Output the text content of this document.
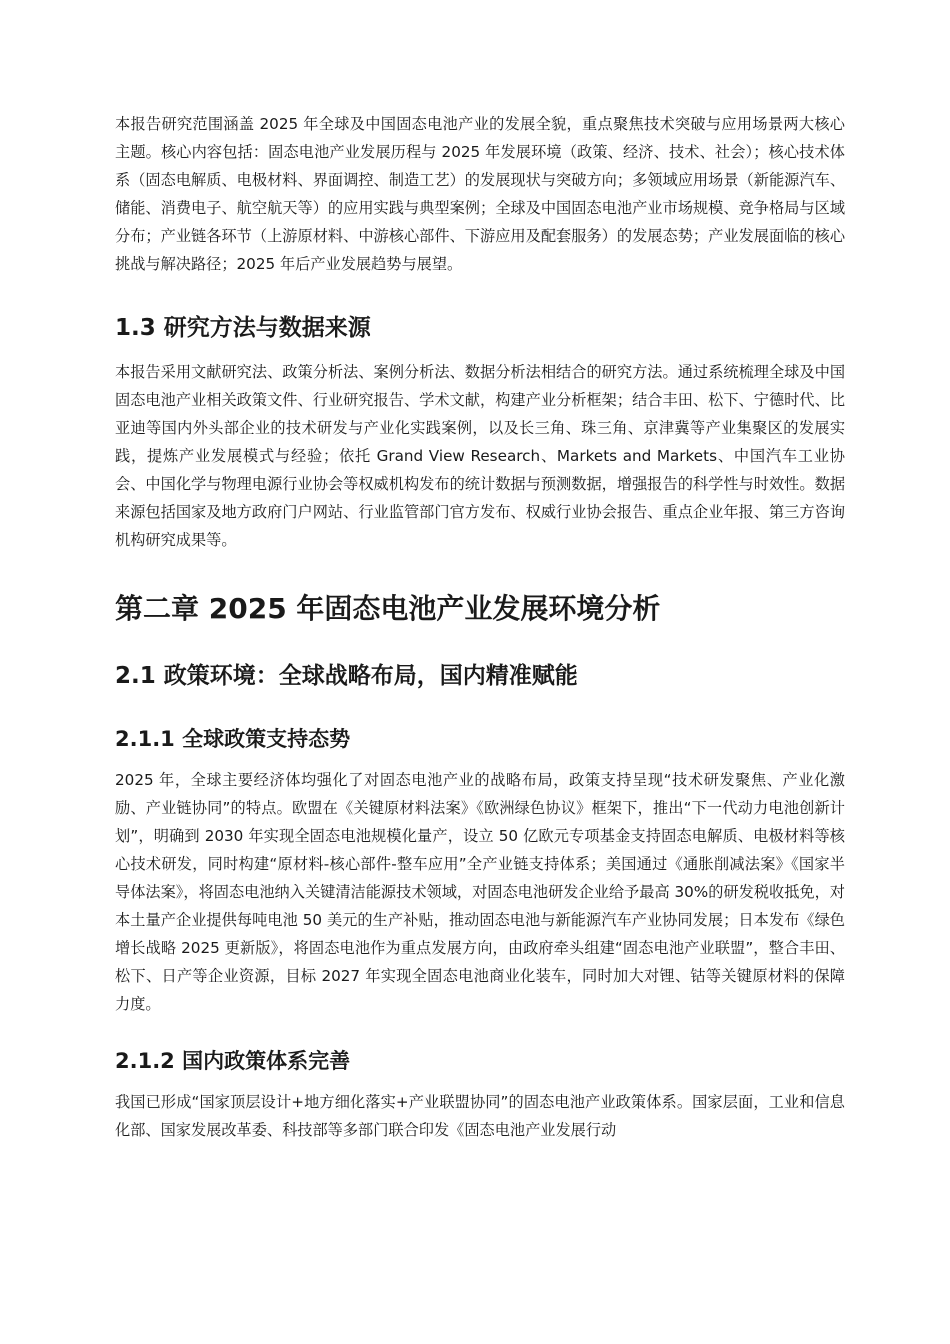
本报告研究范围涵盖 2025 年全球及中国固态电池产业的发展全貌，重点聚焦技术突破与应用场景两大核心主题。核心内容包括：固态电池产业发展历程与 2025 年发展环境（政策、经济、技术、社会）；核心技术体系（固态电解质、电极材料、界面调控、制造工艺）的发展现状与突破方向；多领域应用场景（新能源汽车、储能、消费电子、航空航天等）的应用实践与典型案例；全球及中国固态电池产业市场规模、竞争格局与区域分布；产业链各环节（上游原材料、中游核心部件、下游应用及配套服务）的发展态势；产业发展面临的核心挑战与解决路径；2025 年后产业发展趋势与展望。

1.3 研究方法与数据来源

本报告采用文献研究法、政策分析法、案例分析法、数据分析法相结合的研究方法。通过系统梳理全球及中国固态电池产业相关政策文件、行业研究报告、学术文献，构建产业分析框架；结合丰田、松下、宁德时代、比亚迪等国内外头部企业的技术研发与产业化实践案例，以及长三角、珠三角、京津冀等产业集聚区的发展实践，提炼产业发展模式与经验；依托 Grand View Research、Markets and Markets、中国汽车工业协会、中国化学与物理电源行业协会等权威机构发布的统计数据与预测数据，增强报告的科学性与时效性。数据来源包括国家及地方政府门户网站、行业监管部门官方发布、权威行业协会报告、重点企业年报、第三方咨询机构研究成果等。

第二章 2025 年固态电池产业发展环境分析
2.1 政策环境：全球战略布局，国内精准赋能
2.1.1 全球政策支持态势

2025 年，全球主要经济体均强化了对固态电池产业的战略布局，政策支持呈现“技术研发聚焦、产业化激励、产业链协同”的特点。欧盟在《关键原材料法案》《欧洲绿色协议》框架下，推出“下一代动力电池创新计划”，明确到 2030 年实现全固态电池规模化量产，设立 50 亿欧元专项基金支持固态电解质、电极材料等核心技术研发，同时构建“原材料-核心部件-整车应用”全产业链支持体系；美国通过《通胀削减法案》《国家半导体法案》，将固态电池纳入关键清洁能源技术领域，对固态电池研发企业给予最高 30%的研发税收抵免，对本土量产企业提供每吨电池 50 美元的生产补贴，推动固态电池与新能源汽车产业协同发展；日本发布《绿色增长战略 2025 更新版》，将固态电池作为重点发展方向，由政府牵头组建“固态电池产业联盟”，整合丰田、松下、日产等企业资源，目标 2027 年实现全固态电池商业化装车，同时加大对锂、钴等关键原材料的保障力度。

2.1.2 国内政策体系完善

我国已形成“国家顶层设计+地方细化落实+产业联盟协同”的固态电池产业政策体系。国家层面，工业和信息化部、国家发展改革委、科技部等多部门联合印发《固态电池产业发展行动
